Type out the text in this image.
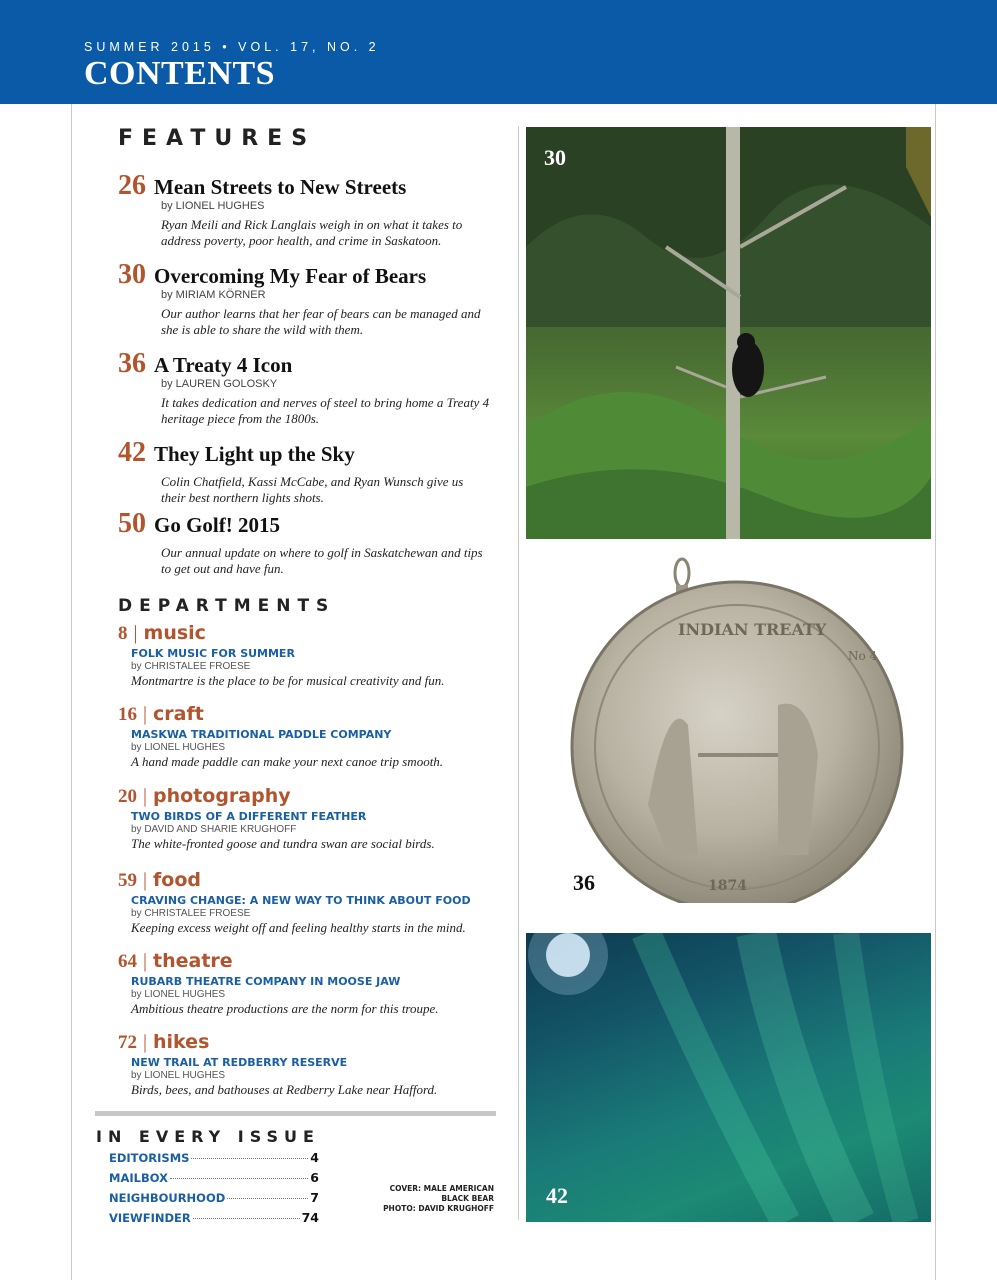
SUMMER 2015 • VOL. 17, NO. 2
CONTENTS
FEATURES
26 Mean Streets to New Streets
by LIONEL HUGHES
Ryan Meili and Rick Langlais weigh in on what it takes to address poverty, poor health, and crime in Saskatoon.
30 Overcoming My Fear of Bears
by MIRIAM KÖRNER
Our author learns that her fear of bears can be managed and she is able to share the wild with them.
36 A Treaty 4 Icon
by LAUREN GOLOSKY
It takes dedication and nerves of steel to bring home a Treaty 4 heritage piece from the 1800s.
42 They Light up the Sky
Colin Chatfield, Kassi McCabe, and Ryan Wunsch give us their best northern lights shots.
50 Go Golf! 2015
Our annual update on where to golf in Saskatchewan and tips to get out and have fun.
DEPARTMENTS
8 | music
FOLK MUSIC FOR SUMMER
by CHRISTALEE FROESE
Montmartre is the place to be for musical creativity and fun.
16 | craft
MASKWA TRADITIONAL PADDLE COMPANY
by LIONEL HUGHES
A hand made paddle can make your next canoe trip smooth.
20 | photography
TWO BIRDS OF A DIFFERENT FEATHER
by DAVID AND SHARIE KRUGHOFF
The white-fronted goose and tundra swan are social birds.
59 | food
CRAVING CHANGE: A NEW WAY TO THINK ABOUT FOOD
by CHRISTALEE FROESE
Keeping excess weight off and feeling healthy starts in the mind.
64 | theatre
RUBARB THEATRE COMPANY IN MOOSE JAW
by LIONEL HUGHES
Ambitious theatre productions are the norm for this troupe.
72 | hikes
NEW TRAIL AT REDBERRY RESERVE
by LIONEL HUGHES
Birds, bees, and bathouses at Redberry Lake near Hafford.
IN EVERY ISSUE
EDITORISMS	4
MAILBOX	6
NEIGHBOURHOOD	7
VIEWFINDER	74
COVER: MALE AMERICAN
BLACK BEAR
PHOTO: DAVID KRUGHOFF
30
INDIAN TREATY
No 4
1874
36
42
